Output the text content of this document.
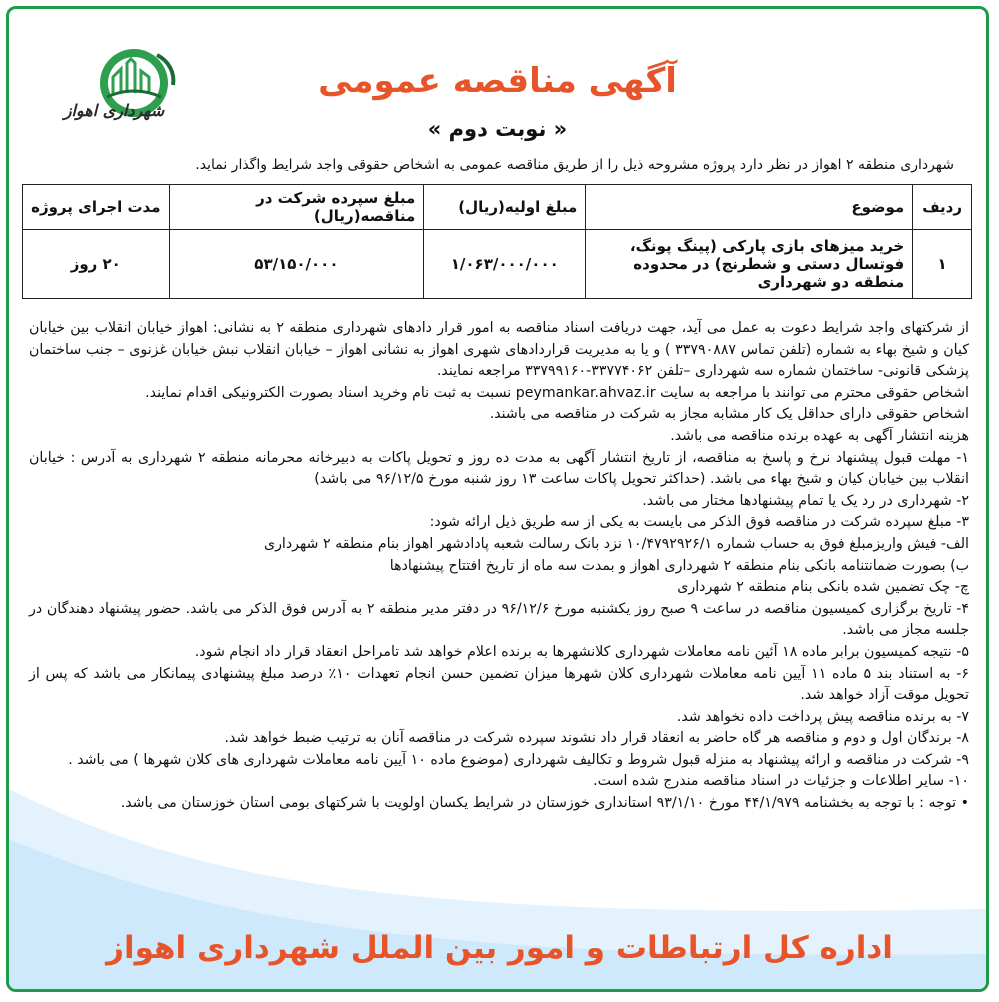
شهرداری اهواز
آگهی مناقصه عمومی
« نوبت دوم »
شهرداری منطقه ۲ اهواز در نظر دارد پروژه مشروحه ذیل را از طریق مناقصه عمومی به اشخاص حقوقی واجد شرایط واگذار نماید.
ردیف	موضوع	مبلغ اولیه(ریال)	مبلغ سپرده شرکت در مناقصه(ریال)	مدت اجرای پروژه
۱	خرید میزهای بازی پارکی (پینگ پونگ، فوتسال دستی و شطرنج) در محدوده منطقه دو شهرداری	۱/۰۶۳/۰۰۰/۰۰۰	۵۳/۱۵۰/۰۰۰	۲۰ روز

از شرکتهای واجد شرایط دعوت به عمل می آید، جهت دریافت اسناد مناقصه به امور قرار دادهای شهرداری منطقه ۲ به نشانی: اهواز خیابان انقلاب بین خیابان کیان و شیخ بهاء به شماره (تلفن تماس ۳۳۷۹۰۸۸۷ ) و یا به مدیریت قراردادهای شهری اهواز به نشانی اهواز – خیابان انقلاب نبش خیابان غزنوی – جنب ساختمان پزشکی قانونی- ساختمان شماره سه شهرداری –تلفن ۳۳۷۷۴۰۶۲-۳۳۷۹۹۱۶۰ مراجعه نمایند.

اشخاص حقوقی محترم می توانند با مراجعه به سایت peymankar.ahvaz.ir نسبت به ثبت نام وخرید اسناد بصورت الکترونیکی اقدام نمایند.

اشخاص حقوقی دارای حداقل یک کار مشابه مجاز به شرکت در مناقصه می باشند.

هزینه انتشار آگهی به عهده برنده مناقصه می باشد.

۱- مهلت قبول پیشنهاد نرخ و پاسخ به مناقصه، از تاریخ انتشار آگهی به مدت ده روز و تحویل پاکات به دبیرخانه محرمانه منطقه ۲ شهرداری به آدرس : خیابان انقلاب بین خیابان کیان و شیخ بهاء می باشد. (حداکثر تحویل پاکات ساعت ۱۳ روز شنبه مورخ ۹۶/۱۲/۵ می باشد)

۲- شهرداری در رد یک یا تمام پیشنهادها مختار می باشد.

۳- مبلغ سپرده شرکت در مناقصه فوق الذکر می بایست به یکی از سه طریق ذیل ارائه شود:

الف- فیش واریزمبلغ فوق به حساب شماره ۱۰/۴۷۹۲۹۲۶/۱ نزد بانک رسالت شعبه پادادشهر اهواز بنام منطقه ۲ شهرداری

ب) بصورت ضمانتنامه بانکی بنام منطقه ۲ شهرداری اهواز و بمدت سه ماه از تاریخ افتتاح پیشنهادها

چ- چک تضمین شده بانکی بنام منطقه ۲ شهرداری

۴- تاریخ برگزاری کمیسیون مناقصه در ساعت ۹ صبح روز یکشنبه مورخ ۹۶/۱۲/۶ در دفتر مدیر منطقه ۲ به آدرس فوق الذکر می باشد. حضور پیشنهاد دهندگان در جلسه مجاز می باشد.

۵- نتیجه کمیسیون برابر ماده ۱۸ آئین نامه معاملات شهرداری کلانشهرها به برنده اعلام خواهد شد تامراحل انعقاد قرار داد انجام شود.

۶- به استناد بند ۵ ماده ۱۱ آیین نامه معاملات شهرداری کلان شهرها میزان تضمین حسن انجام تعهدات ۱۰٪ درصد مبلغ پیشنهادی پیمانکار می باشد که پس از تحویل موقت آزاد خواهد شد.

۷- به برنده مناقصه پیش پرداخت داده نخواهد شد.

۸- برندگان اول و دوم و مناقصه هر گاه حاضر به انعقاد قرار داد نشوند سپرده شرکت در مناقصه آنان به ترتیب ضبط خواهد شد.

۹- شرکت در مناقصه و ارائه پیشنهاد به منزله قبول شروط و تکالیف شهرداری (موضوع ماده ۱۰ آیین نامه معاملات شهرداری های کلان شهرها ) می باشد .

۱۰- سایر اطلاعات و جزئیات در اسناد مناقصه مندرج شده است.

• توجه : با توجه به بخشنامه ۴۴/۱/۹۷۹ مورخ ۹۳/۱/۱۰ استانداری خوزستان در شرایط یکسان اولویت با شرکتهای بومی استان خوزستان می باشد.

اداره کل ارتباطات و امور بین الملل شهرداری اهواز
